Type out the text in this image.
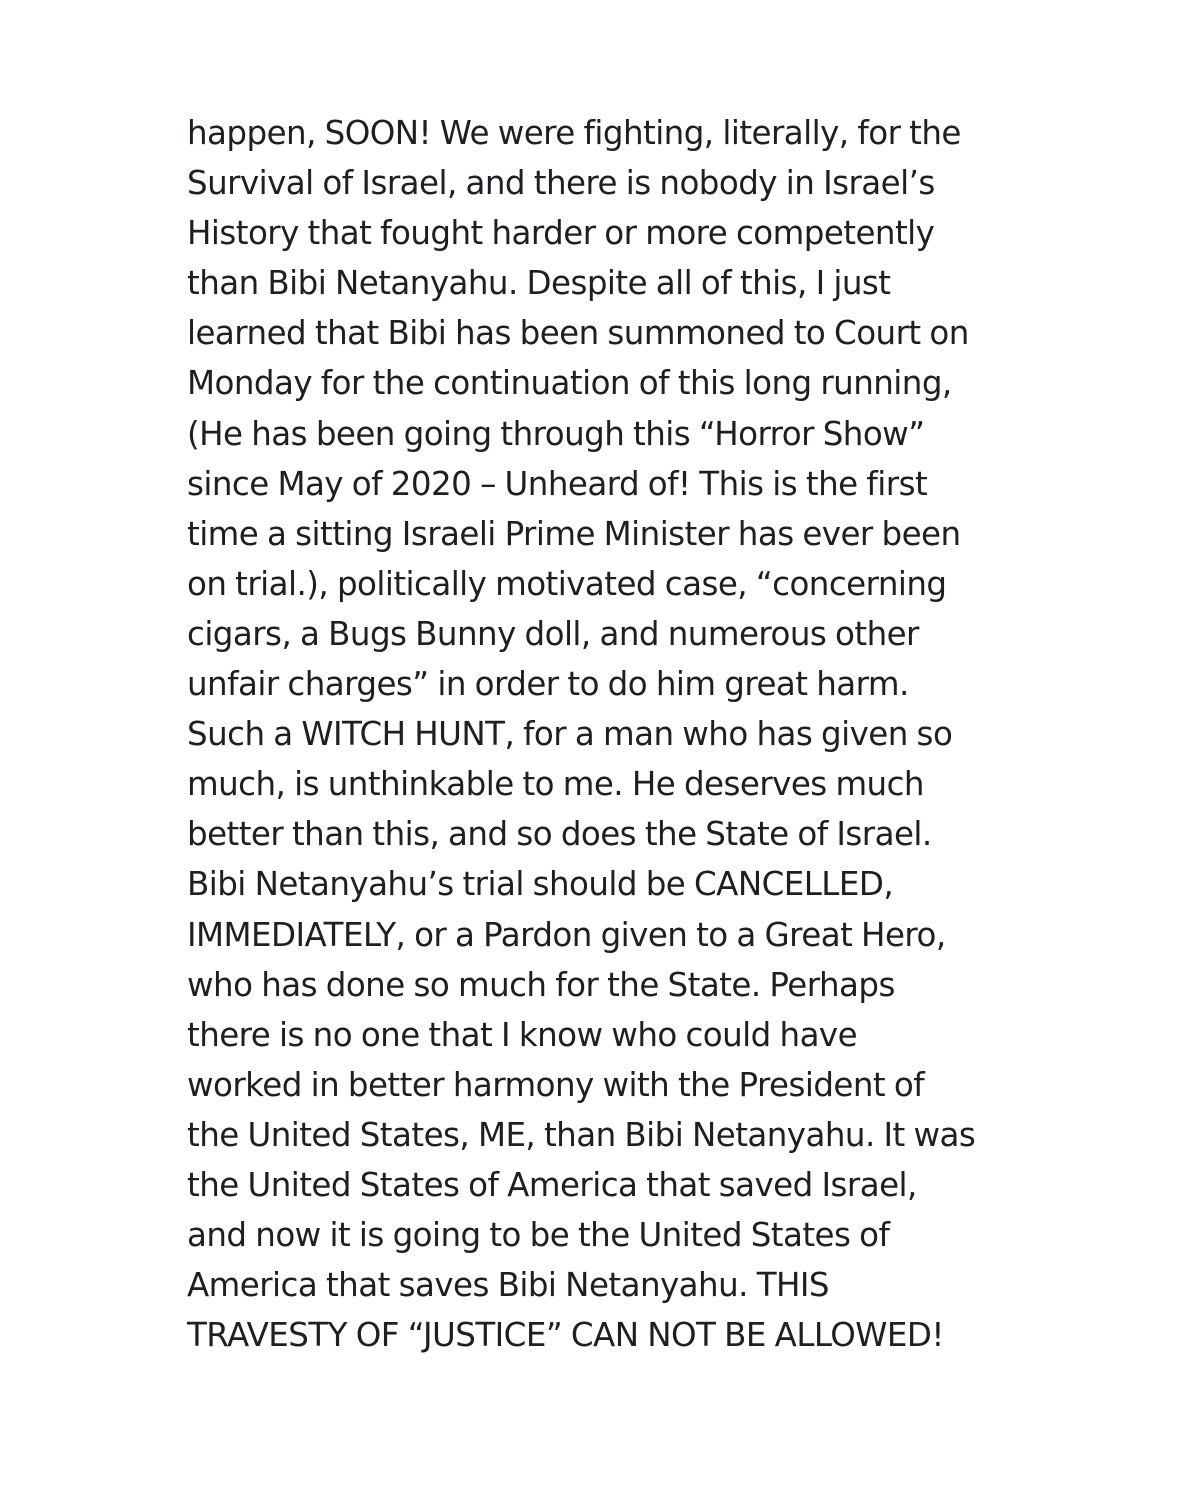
happen, SOON! We were fighting, literally, for the
Survival of Israel, and there is nobody in Israel’s
History that fought harder or more competently
than Bibi Netanyahu. Despite all of this, I just
learned that Bibi has been summoned to Court on
Monday for the continuation of this long running,
(He has been going through this “Horror Show”
since May of 2020 – Unheard of! This is the first
time a sitting Israeli Prime Minister has ever been
on trial.), politically motivated case, “concerning
cigars, a Bugs Bunny doll, and numerous other
unfair charges” in order to do him great harm.
Such a WITCH HUNT, for a man who has given so
much, is unthinkable to me. He deserves much
better than this, and so does the State of Israel.
Bibi Netanyahu’s trial should be CANCELLED,
IMMEDIATELY, or a Pardon given to a Great Hero,
who has done so much for the State. Perhaps
there is no one that I know who could have
worked in better harmony with the President of
the United States, ME, than Bibi Netanyahu. It was
the United States of America that saved Israel,
and now it is going to be the United States of
America that saves Bibi Netanyahu. THIS
TRAVESTY OF “JUSTICE” CAN NOT BE ALLOWED!
